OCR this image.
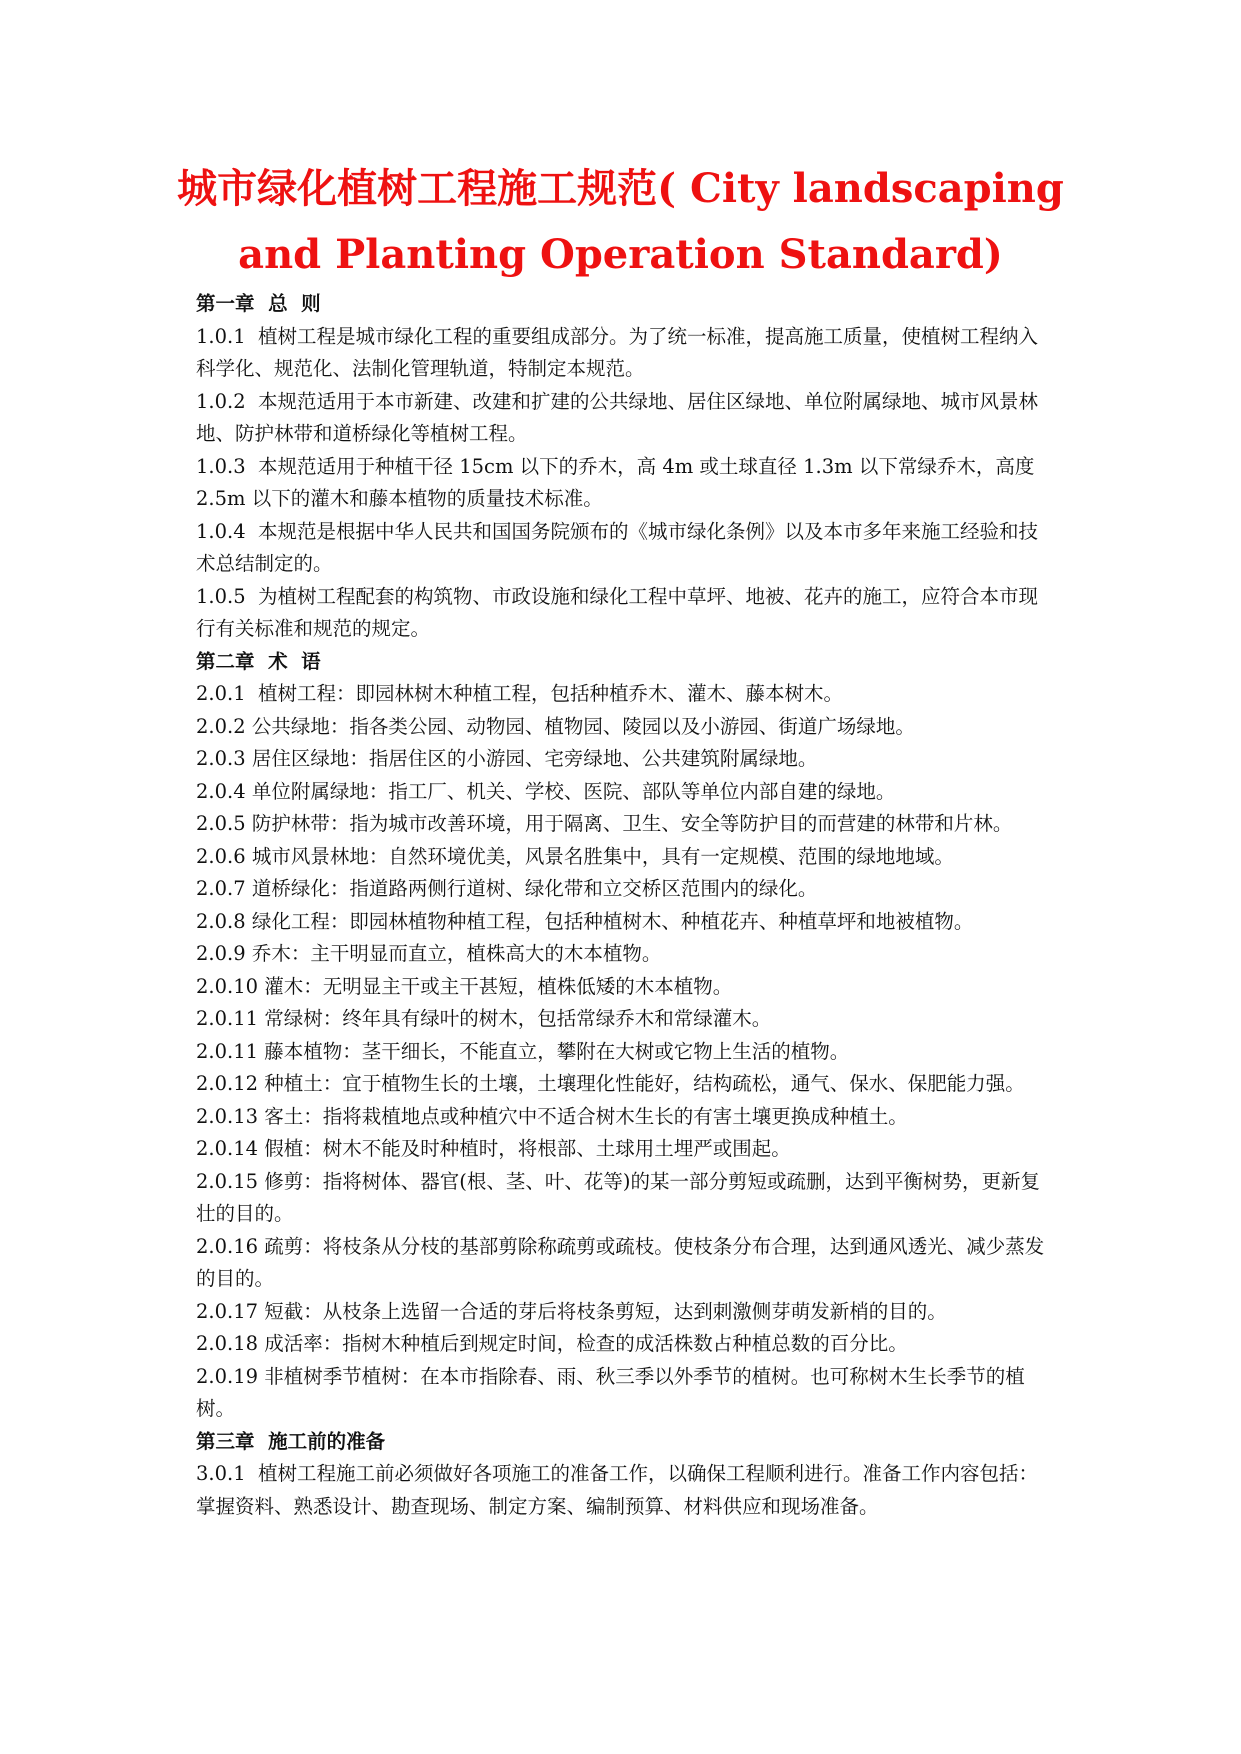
城市绿化植树工程施工规范( City landscaping
and Planting Operation Standard)

第一章  总  则

1.0.1  植树工程是城市绿化工程的重要组成部分。为了统一标准，提高施工质量，使植树工程纳入科学化、规范化、法制化管理轨道，特制定本规范。

1.0.2  本规范适用于本市新建、改建和扩建的公共绿地、居住区绿地、单位附属绿地、城市风景林地、防护林带和道桥绿化等植树工程。

1.0.3  本规范适用于种植干径 15cm 以下的乔木，高 4m 或土球直径 1.3m 以下常绿乔木，高度 2.5m 以下的灌木和藤本植物的质量技术标准。

1.0.4  本规范是根据中华人民共和国国务院颁布的《城市绿化条例》以及本市多年来施工经验和技术总结制定的。

1.0.5  为植树工程配套的构筑物、市政设施和绿化工程中草坪、地被、花卉的施工，应符合本市现行有关标准和规范的规定。

第二章  术  语

2.0.1  植树工程：即园林树木种植工程，包括种植乔木、灌木、藤本树木。

2.0.2 公共绿地：指各类公园、动物园、植物园、陵园以及小游园、街道广场绿地。

2.0.3 居住区绿地：指居住区的小游园、宅旁绿地、公共建筑附属绿地。

2.0.4 单位附属绿地：指工厂、机关、学校、医院、部队等单位内部自建的绿地。

2.0.5 防护林带：指为城市改善环境，用于隔离、卫生、安全等防护目的而营建的林带和片林。

2.0.6 城市风景林地：自然环境优美，风景名胜集中，具有一定规模、范围的绿地地域。

2.0.7 道桥绿化：指道路两侧行道树、绿化带和立交桥区范围内的绿化。

2.0.8 绿化工程：即园林植物种植工程，包括种植树木、种植花卉、种植草坪和地被植物。

2.0.9 乔木：主干明显而直立，植株高大的木本植物。

2.0.10 灌木：无明显主干或主干甚短，植株低矮的木本植物。

2.0.11 常绿树：终年具有绿叶的树木，包括常绿乔木和常绿灌木。

2.0.11 藤本植物：茎干细长，不能直立，攀附在大树或它物上生活的植物。

2.0.12 种植土：宜于植物生长的土壤，土壤理化性能好，结构疏松，通气、保水、保肥能力强。

2.0.13 客土：指将栽植地点或种植穴中不适合树木生长的有害土壤更换成种植土。

2.0.14 假植：树木不能及时种植时，将根部、土球用土埋严或围起。

2.0.15 修剪：指将树体、器官(根、茎、叶、花等)的某一部分剪短或疏删，达到平衡树势，更新复壮的目的。

2.0.16 疏剪：将枝条从分枝的基部剪除称疏剪或疏枝。使枝条分布合理，达到通风透光、减少蒸发的目的。

2.0.17 短截：从枝条上选留一合适的芽后将枝条剪短，达到刺激侧芽萌发新梢的目的。

2.0.18 成活率：指树木种植后到规定时间，检查的成活株数占种植总数的百分比。

2.0.19 非植树季节植树：在本市指除春、雨、秋三季以外季节的植树。也可称树木生长季节的植树。

第三章  施工前的准备

3.0.1  植树工程施工前必须做好各项施工的准备工作，以确保工程顺利进行。准备工作内容包括：掌握资料、熟悉设计、勘查现场、制定方案、编制预算、材料供应和现场准备。
